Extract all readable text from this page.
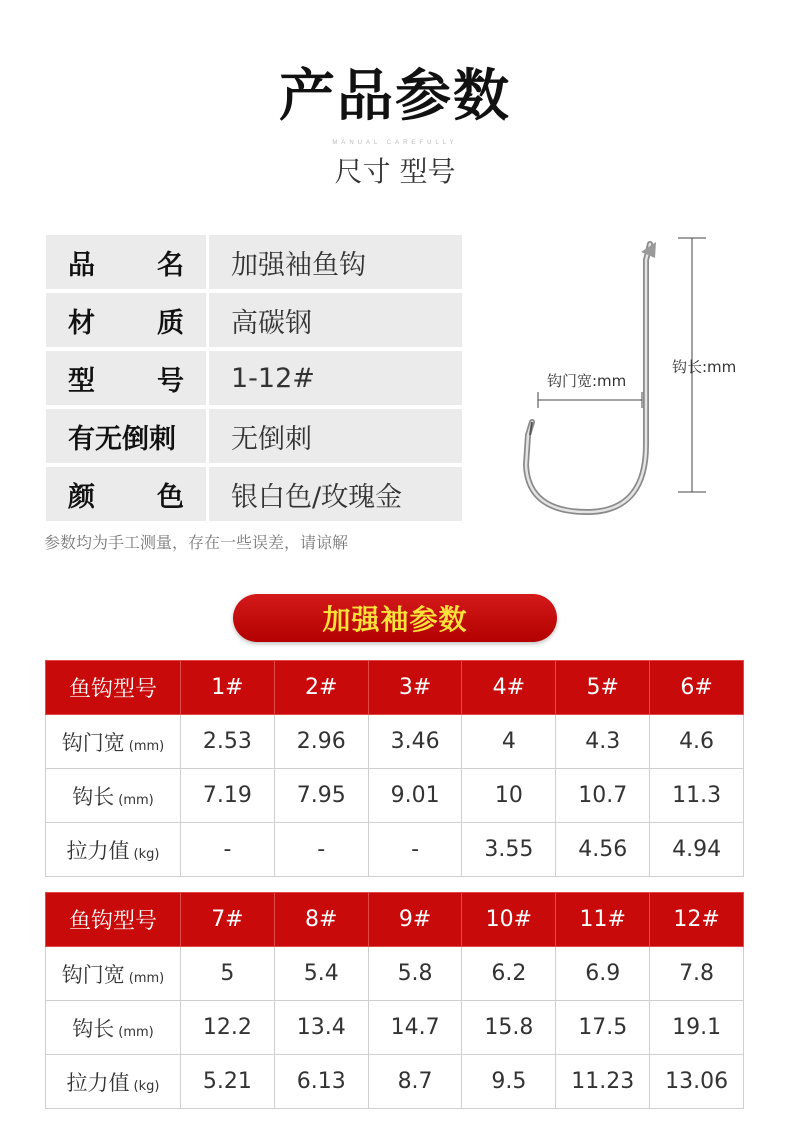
产品参数
MANUAL CAREFULLY
尺寸 型号
品 名	加强袖鱼钩
材 质	高碳钢
型 号	1-12#
有无倒刺	无倒刺
颜 色	银白色/玫瑰金
参数均为手工测量，存在一些误差，请谅解
钩门宽:mm
钩长:mm
加强袖参数
鱼钩型号	1#	2#	3#	4#	5#	6#
钩门宽 (mm)	2.53	2.96	3.46	4	4.3	4.6
钩长 (mm)	7.19	7.95	9.01	10	10.7	11.3
拉力值 (kg)	-	-	-	3.55	4.56	4.94
鱼钩型号	7#	8#	9#	10#	11#	12#
钩门宽 (mm)	5	5.4	5.8	6.2	6.9	7.8
钩长 (mm)	12.2	13.4	14.7	15.8	17.5	19.1
拉力值 (kg)	5.21	6.13	8.7	9.5	11.23	13.06
